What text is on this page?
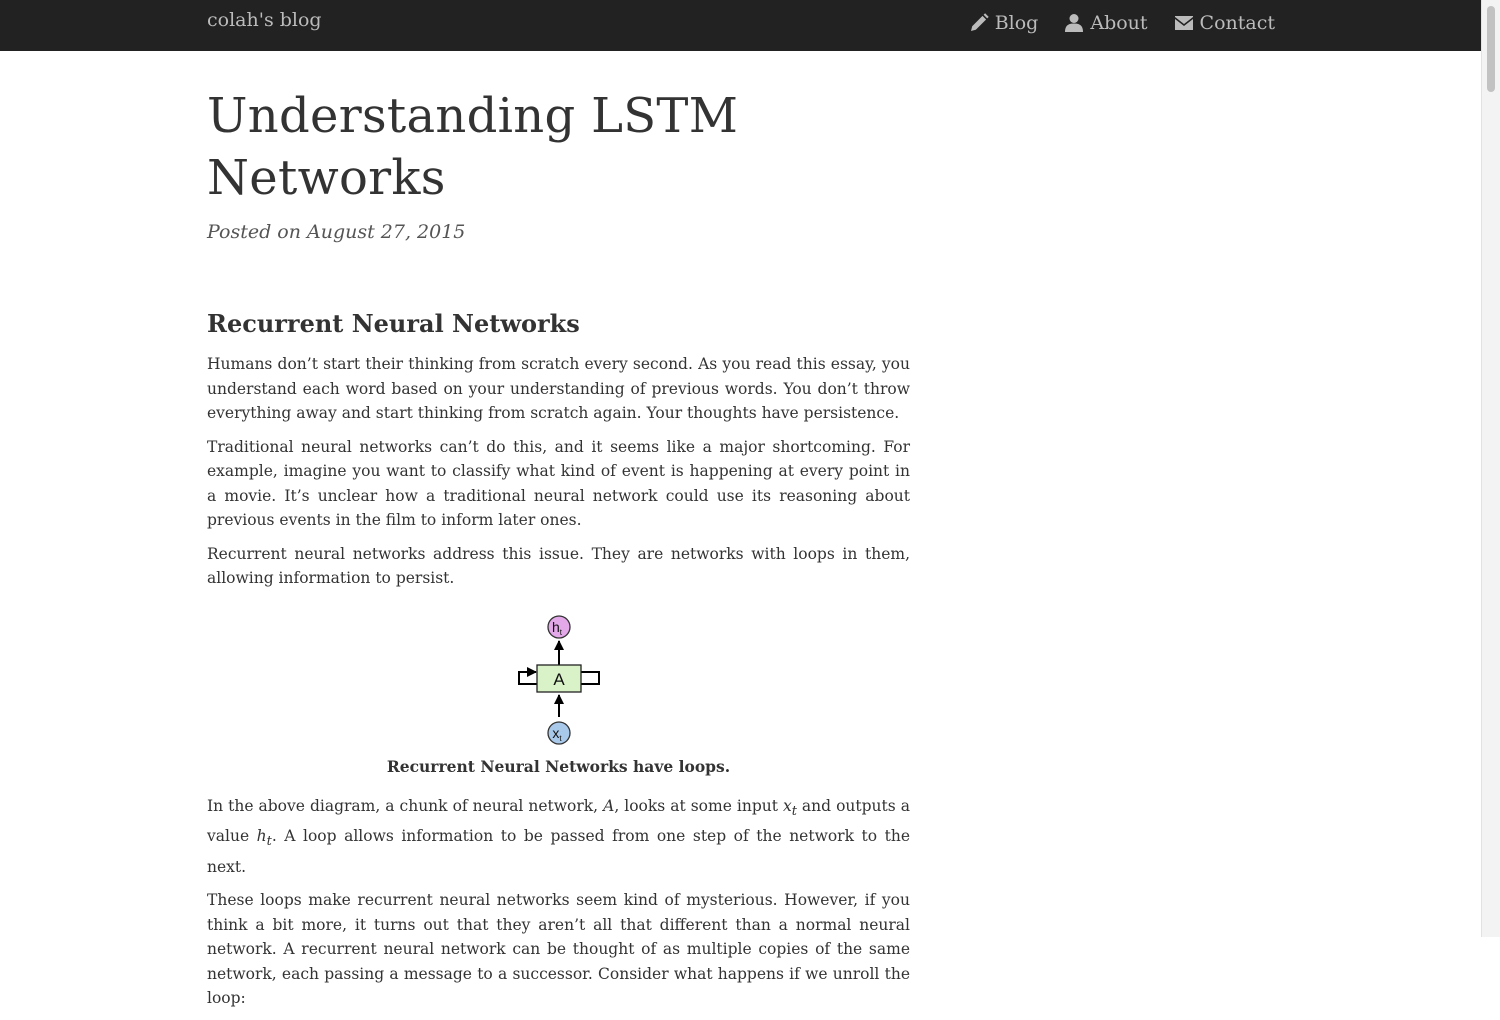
colah's blog	Blog	About	Contact
Understanding LSTM Networks
Posted on August 27, 2015
Recurrent Neural Networks

Humans don’t start their thinking from scratch every second. As you read this essay, you understand each word based on your understanding of previous words. You don’t throw everything away and start thinking from scratch again. Your thoughts have persistence.

Traditional neural networks can’t do this, and it seems like a major shortcoming. For example, imagine you want to classify what kind of event is happening at every point in a movie. It’s unclear how a traditional neural network could use its reasoning about previous events in the film to inform later ones.

Recurrent neural networks address this issue. They are networks with loops in them, allowing information to persist.

A
$h_t$
$x_t$
Recurrent Neural Networks have loops.

In the above diagram, a chunk of neural network, A, looks at some input $x_t$ and outputs a value $h_t$. A loop allows information to be passed from one step of the network to the next.

These loops make recurrent neural networks seem kind of mysterious. However, if you think a bit more, it turns out that they aren’t all that different than a normal neural network. A recurrent neural network can be thought of as multiple copies of the same network, each passing a message to a successor. Consider what happens if we unroll the loop:
